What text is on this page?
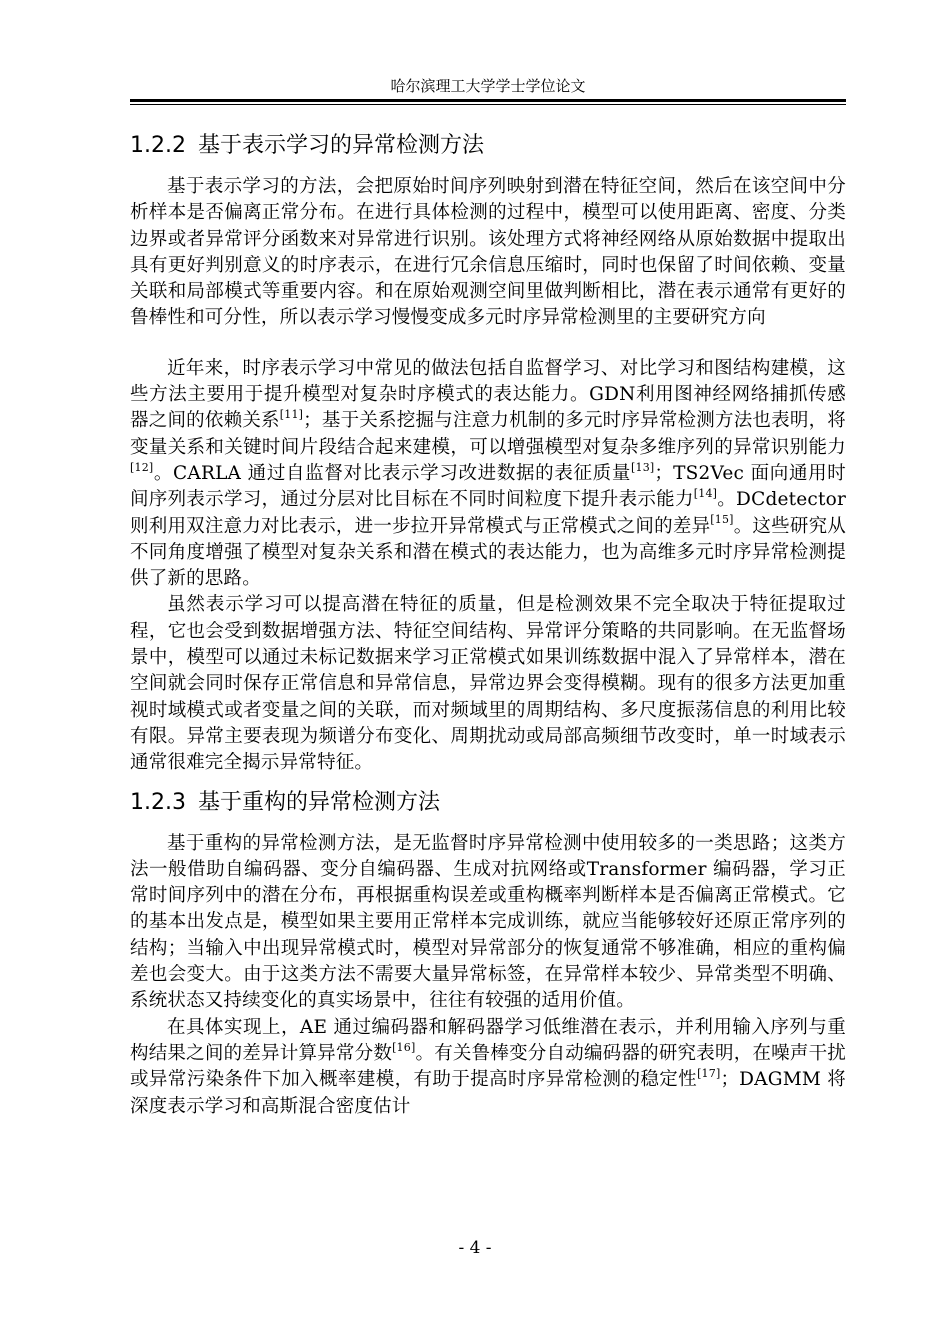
哈尔滨理工大学学士学位论文
1.2.2 基于表示学习的异常检测方法

基于表示学习的方法，会把原始时间序列映射到潜在特征空间，然后在该空间中分析样本是否偏离正常分布。在进行具体检测的过程中，模型可以使用距离、密度、分类边界或者异常评分函数来对异常进行识别。该处理方式将神经网络从原始数据中提取出具有更好判别意义的时序表示，在进行冗余信息压缩时，同时也保留了时间依赖、变量关联和局部模式等重要内容。和在原始观测空间里做判断相比，潜在表示通常有更好的鲁棒性和可分性，所以表示学习慢慢变成多元时序异常检测里的主要研究方向

近年来，时序表示学习中常见的做法包括自监督学习、对比学习和图结构建模，这些方法主要用于提升模型对复杂时序模式的表达能力。GDN利用图神经网络捕抓传感器之间的依赖关系[11]；基于关系挖掘与注意力机制的多元时序异常检测方法也表明，将变量关系和关键时间片段结合起来建模，可以增强模型对复杂多维序列的异常识别能力[12]。CARLA 通过自监督对比表示学习改进数据的表征质量[13]；TS2Vec 面向通用时间序列表示学习，通过分层对比目标在不同时间粒度下提升表示能力[14]。DCdetector则利用双注意力对比表示，进一步拉开异常模式与正常模式之间的差异[15]。这些研究从不同角度增强了模型对复杂关系和潜在模式的表达能力，也为高维多元时序异常检测提供了新的思路。

虽然表示学习可以提高潜在特征的质量，但是检测效果不完全取决于特征提取过程，它也会受到数据增强方法、特征空间结构、异常评分策略的共同影响。在无监督场景中，模型可以通过未标记数据来学习正常模式如果训练数据中混入了异常样本，潜在空间就会同时保存正常信息和异常信息，异常边界会变得模糊。现有的很多方法更加重视时域模式或者变量之间的关联，而对频域里的周期结构、多尺度振荡信息的利用比较有限。异常主要表现为频谱分布变化、周期扰动或局部高频细节改变时，单一时域表示通常很难完全揭示异常特征。

1.2.3 基于重构的异常检测方法

基于重构的异常检测方法，是无监督时序异常检测中使用较多的一类思路；这类方法一般借助自编码器、变分自编码器、生成对抗网络或Transformer 编码器，学习正常时间序列中的潜在分布，再根据重构误差或重构概率判断样本是否偏离正常模式。它的基本出发点是，模型如果主要用正常样本完成训练，就应当能够较好还原正常序列的结构；当输入中出现异常模式时，模型对异常部分的恢复通常不够准确，相应的重构偏差也会变大。由于这类方法不需要大量异常标签，在异常样本较少、异常类型不明确、系统状态又持续变化的真实场景中，往往有较强的适用价值。

在具体实现上，AE 通过编码器和解码器学习低维潜在表示，并利用输入序列与重构结果之间的差异计算异常分数[16]。有关鲁棒变分自动编码器的研究表明，在噪声干扰或异常污染条件下加入概率建模，有助于提高时序异常检测的稳定性[17]；DAGMM 将深度表示学习和高斯混合密度估计

- 4 -
